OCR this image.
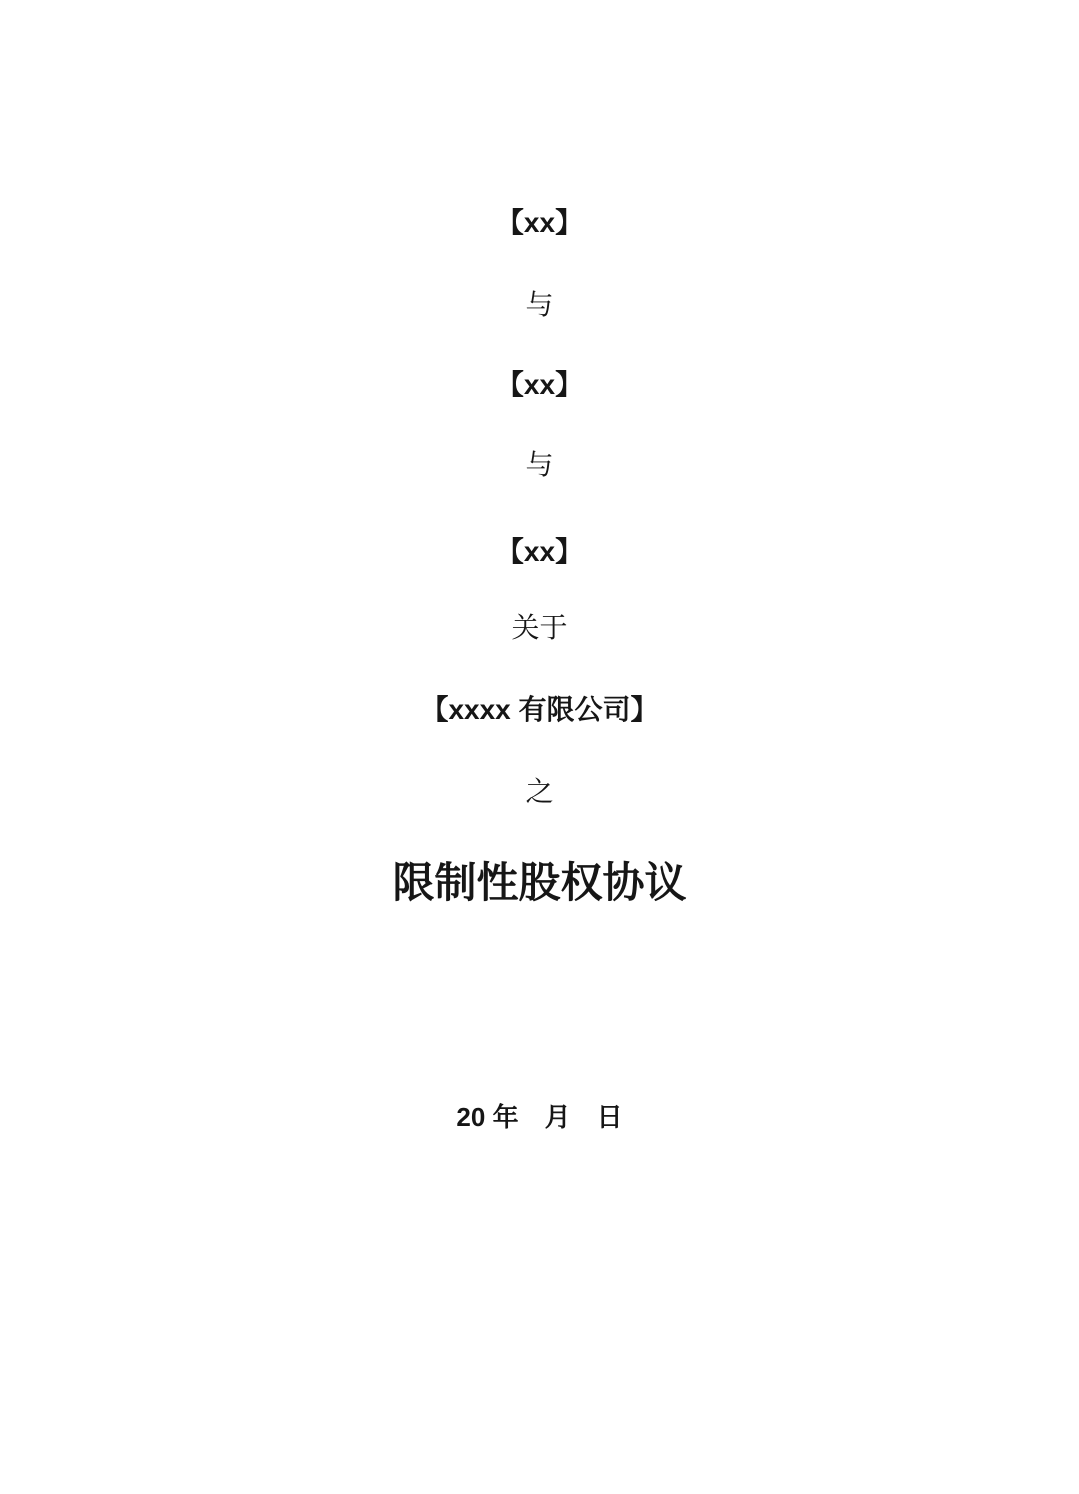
【xx】
与
【xx】
与
【xx】
关于
【xxxx 有限公司】
之
限制性股权协议
20 年　月　日
